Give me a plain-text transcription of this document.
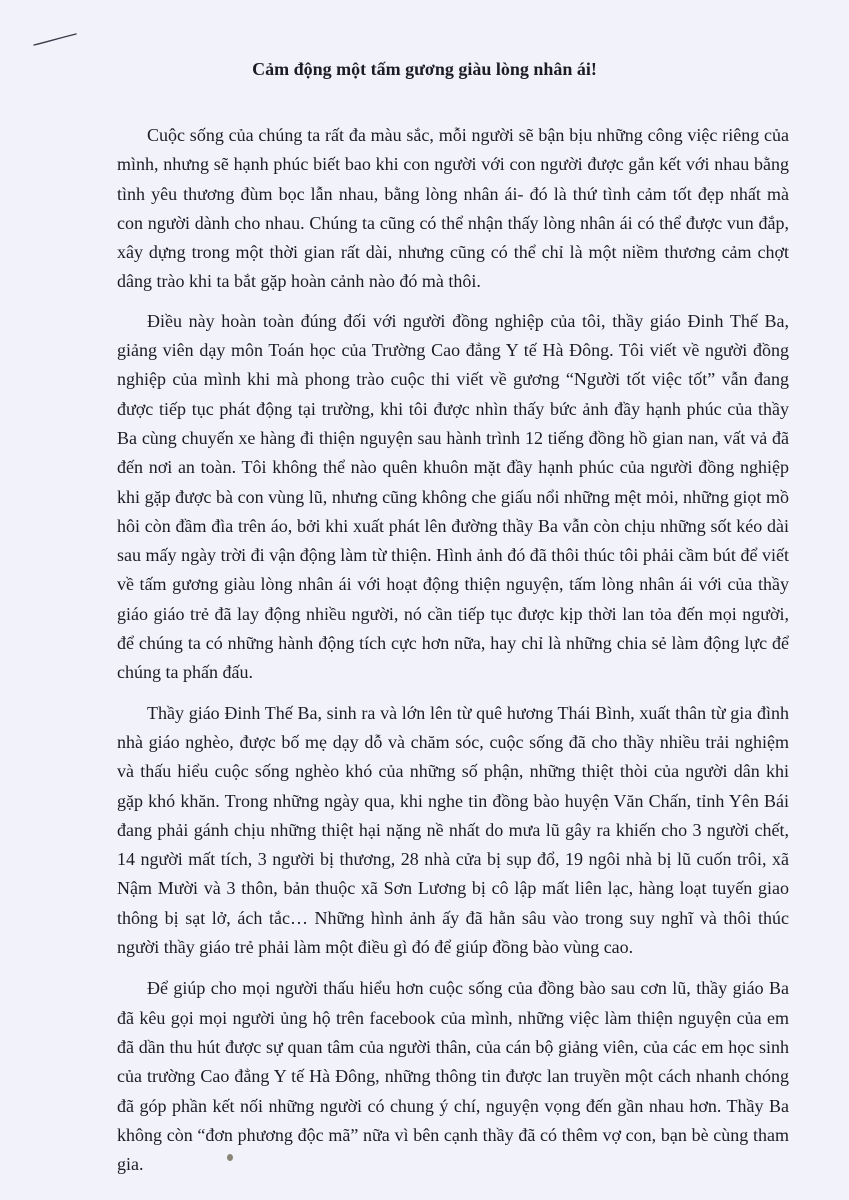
Cảm động một tấm gương giàu lòng nhân ái!

Cuộc sống của chúng ta rất đa màu sắc, mỗi người sẽ bận bịu những công việc riêng của mình, nhưng sẽ hạnh phúc biết bao khi con người với con người được gắn kết với nhau bằng tình yêu thương đùm bọc lẫn nhau, bằng lòng nhân ái- đó là thứ tình cảm tốt đẹp nhất mà con người dành cho nhau. Chúng ta cũng có thể nhận thấy lòng nhân ái có thể được vun đắp, xây dựng trong một thời gian rất dài, nhưng cũng có thể chỉ là một niềm thương cảm chợt dâng trào khi ta bắt gặp hoàn cảnh nào đó mà thôi.

Điều này hoàn toàn đúng đối với người đồng nghiệp của tôi, thầy giáo Đinh Thế Ba, giảng viên dạy môn Toán học của Trường Cao đẳng Y tế Hà Đông. Tôi viết về người đồng nghiệp của mình khi mà phong trào cuộc thi viết về gương “Người tốt việc tốt” vẫn đang được tiếp tục phát động tại trường, khi tôi được nhìn thấy bức ảnh đầy hạnh phúc của thầy Ba cùng chuyến xe hàng đi thiện nguyện sau hành trình 12 tiếng đồng hồ gian nan, vất vả đã đến nơi an toàn. Tôi không thể nào quên khuôn mặt đầy hạnh phúc của người đồng nghiệp khi gặp được bà con vùng lũ, nhưng cũng không che giấu nổi những mệt mỏi, những giọt mồ hôi còn đầm đìa trên áo, bởi khi xuất phát lên đường thầy Ba vẫn còn chịu những sốt kéo dài sau mấy ngày trời đi vận động làm từ thiện. Hình ảnh đó đã thôi thúc tôi phải cầm bút để viết về tấm gương giàu lòng nhân ái với hoạt động thiện nguyện, tấm lòng nhân ái với của thầy giáo giáo trẻ đã lay động nhiều người, nó cần tiếp tục được kịp thời lan tỏa đến mọi người, để chúng ta có những hành động tích cực hơn nữa, hay chỉ là những chia sẻ làm động lực để chúng ta phấn đấu.

Thầy giáo Đinh Thế Ba, sinh ra và lớn lên từ quê hương Thái Bình, xuất thân từ gia đình nhà giáo nghèo, được bố mẹ dạy dỗ và chăm sóc, cuộc sống đã cho thầy nhiều trải nghiệm và thấu hiểu cuộc sống nghèo khó của những số phận, những thiệt thòi của người dân khi gặp khó khăn. Trong những ngày qua, khi nghe tin đồng bào huyện Văn Chấn, tỉnh Yên Bái đang phải gánh chịu những thiệt hại nặng nề nhất do mưa lũ gây ra khiến cho 3 người chết, 14 người mất tích, 3 người bị thương, 28 nhà cửa bị sụp đổ, 19 ngôi nhà bị lũ cuốn trôi, xã Nậm Mười và 3 thôn, bản thuộc xã Sơn Lương bị cô lập mất liên lạc, hàng loạt tuyến giao thông bị sạt lở, ách tắc… Những hình ảnh ấy đã hằn sâu vào trong suy nghĩ và thôi thúc người thầy giáo trẻ phải làm một điều gì đó để giúp đồng bào vùng cao.

Để giúp cho mọi người thấu hiểu hơn cuộc sống của đồng bào sau cơn lũ, thầy giáo Ba đã kêu gọi mọi người ủng hộ trên facebook của mình, những việc làm thiện nguyện của em đã dần thu hút được sự quan tâm của người thân, của cán bộ giảng viên, của các em học sinh của trường Cao đẳng Y tế Hà Đông, những thông tin được lan truyền một cách nhanh chóng đã góp phần kết nối những người có chung ý chí, nguyện vọng đến gần nhau hơn. Thầy Ba không còn “đơn phương độc mã” nữa vì bên cạnh thầy đã có thêm vợ con, bạn bè cùng tham gia.
